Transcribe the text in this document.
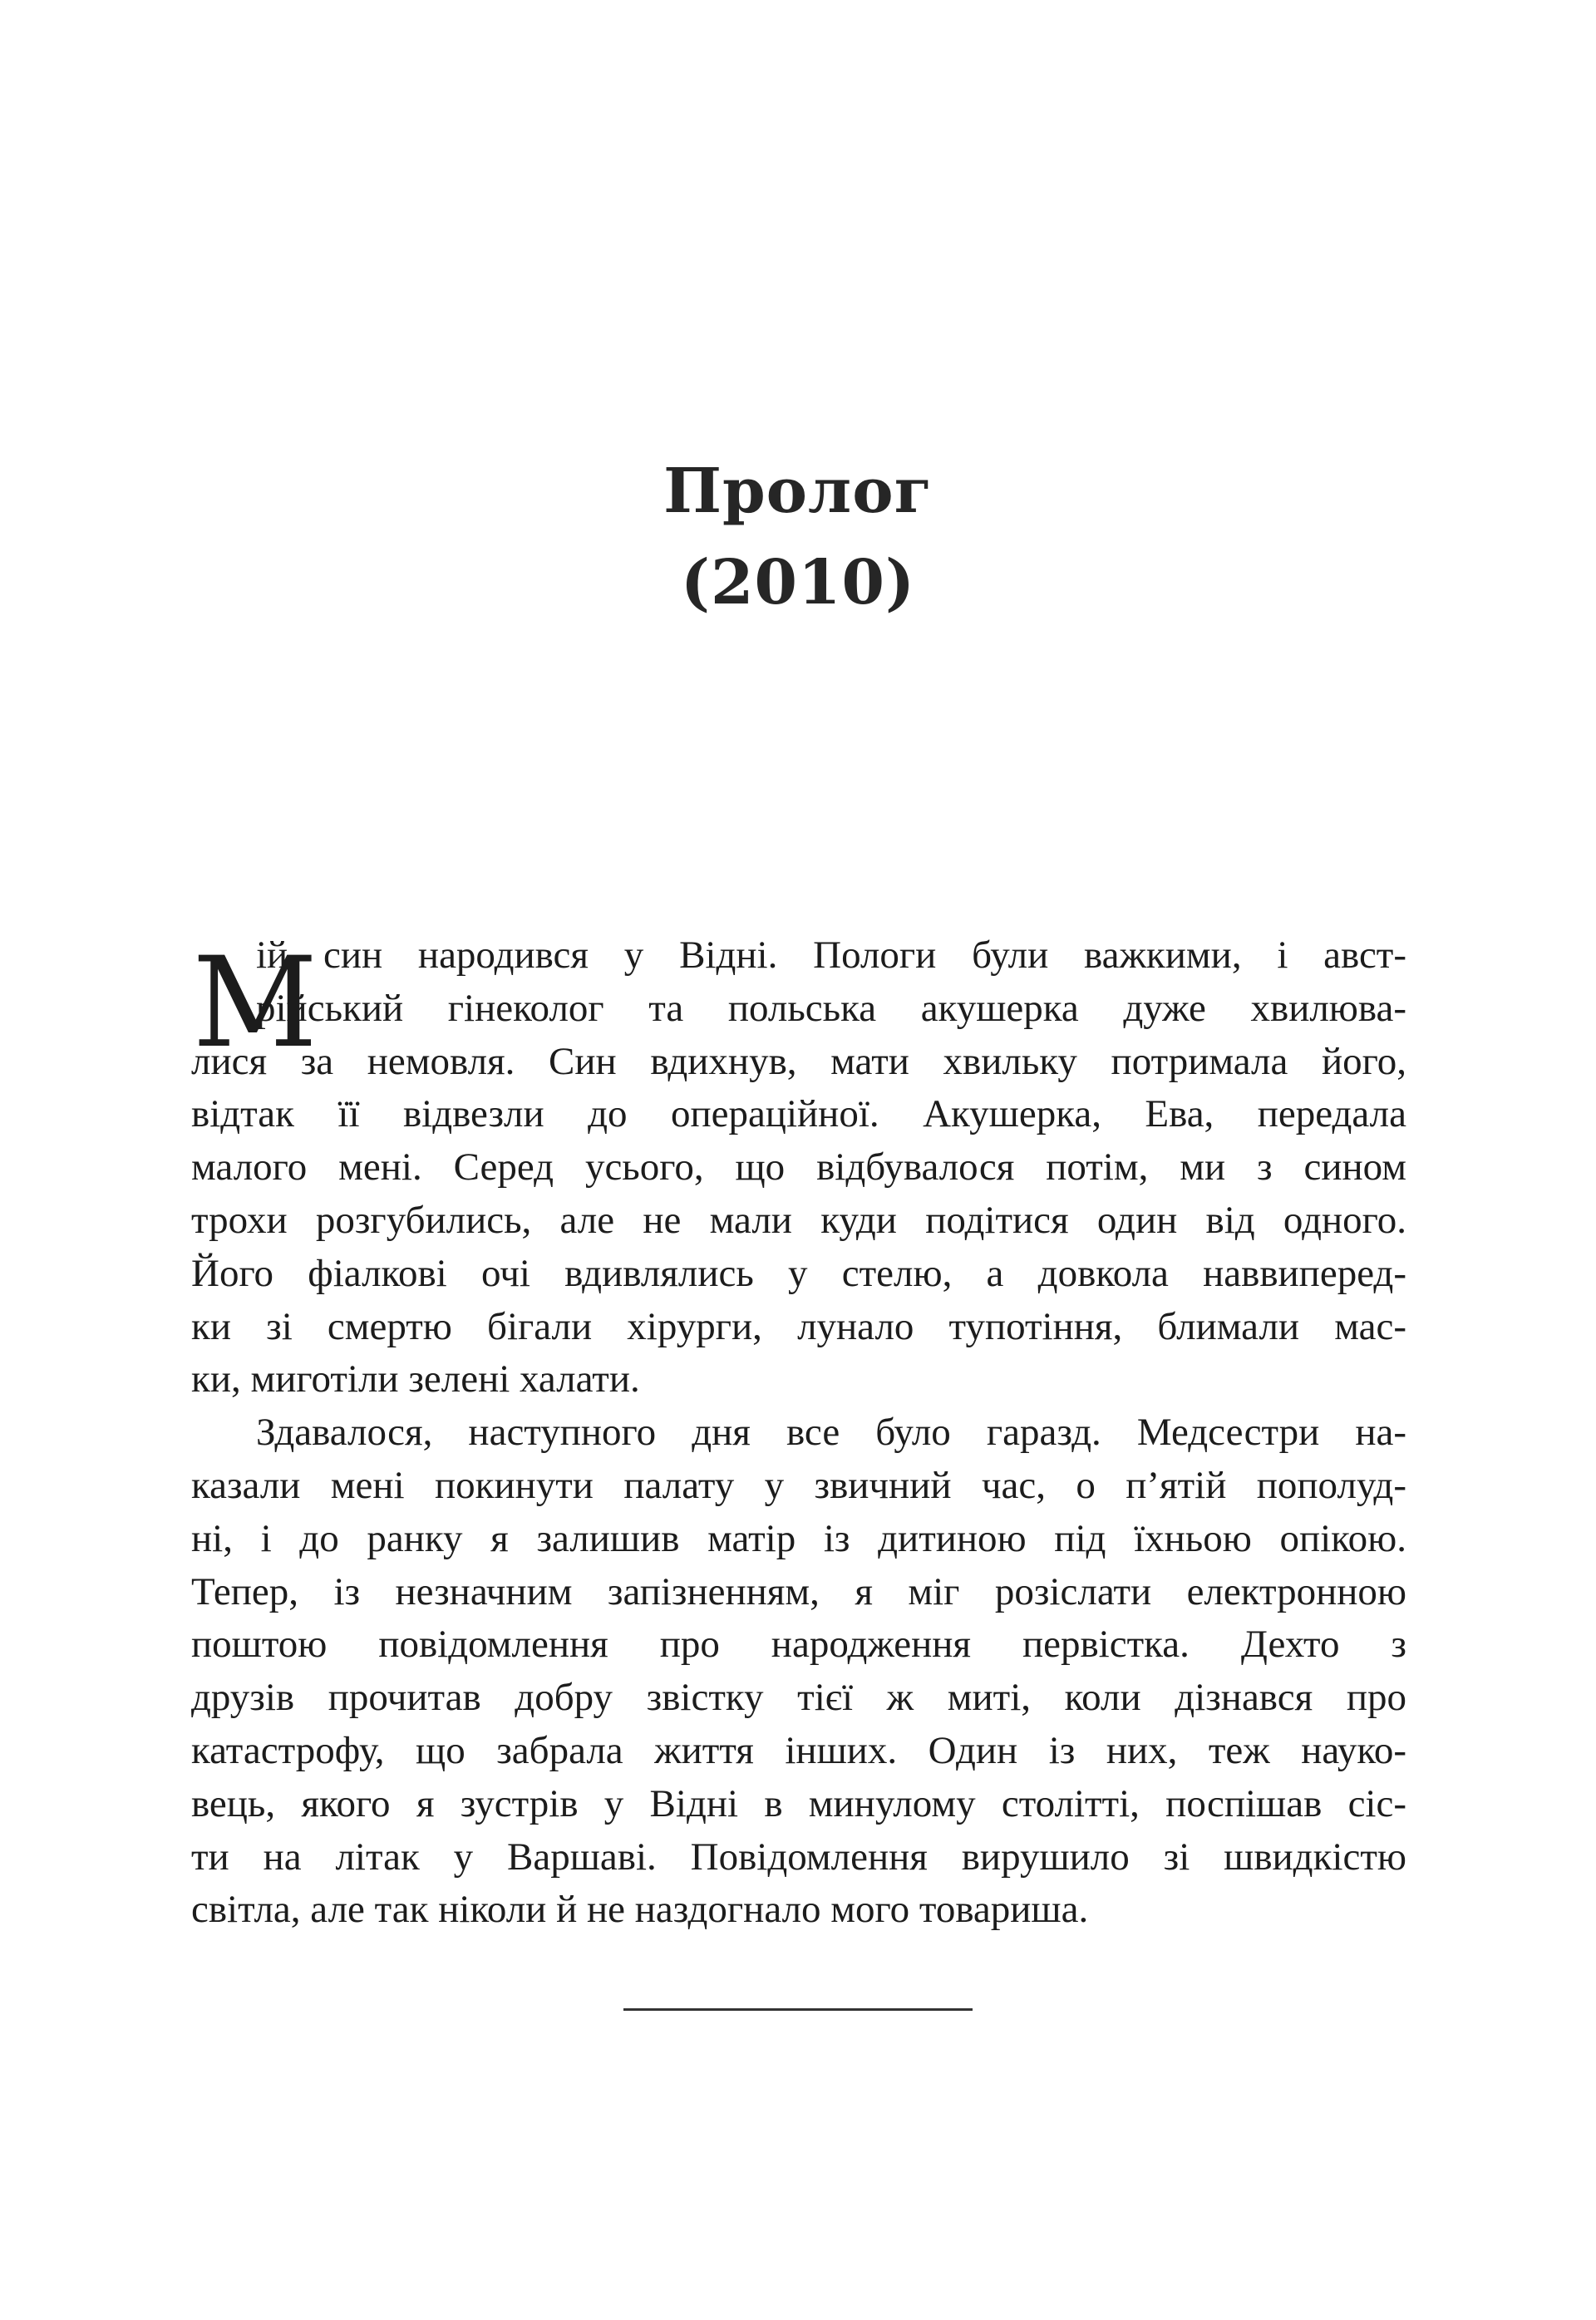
Пролог
(2010)
М
ій син народився у Відні. Пологи були важкими, і авст-
рійський гінеколог та польська акушерка дуже хвилюва-
лися за немовля. Син вдихнув, мати хвильку потримала його,
відтак її відвезли до операційної. Акушерка, Ева, передала
малого мені. Серед усього, що відбувалося потім, ми з сином
трохи розгубились, але не мали куди подітися один від одного.
Його фіалкові очі вдивлялись у стелю, а довкола наввиперед-
ки зі смертю бігали хірурги, лунало тупотіння, блимали мас-
ки, миготіли зелені халати.
Здавалося, наступного дня все було гаразд. Медсестри на-
казали мені покинути палату у звичний час, о п’ятій пополуд-
ні, і до ранку я залишив матір із дитиною під їхньою опікою.
Тепер, із незначним запізненням, я міг розіслати електронною
поштою повідомлення про народження первістка. Дехто з
друзів прочитав добру звістку тієї ж миті, коли дізнався про
катастрофу, що забрала життя інших. Один із них, теж науко-
вець, якого я зустрів у Відні в минулому столітті, поспішав сіс-
ти на літак у Варшаві. Повідомлення вирушило зі швидкістю
світла, але так ніколи й не наздогнало мого товариша.
